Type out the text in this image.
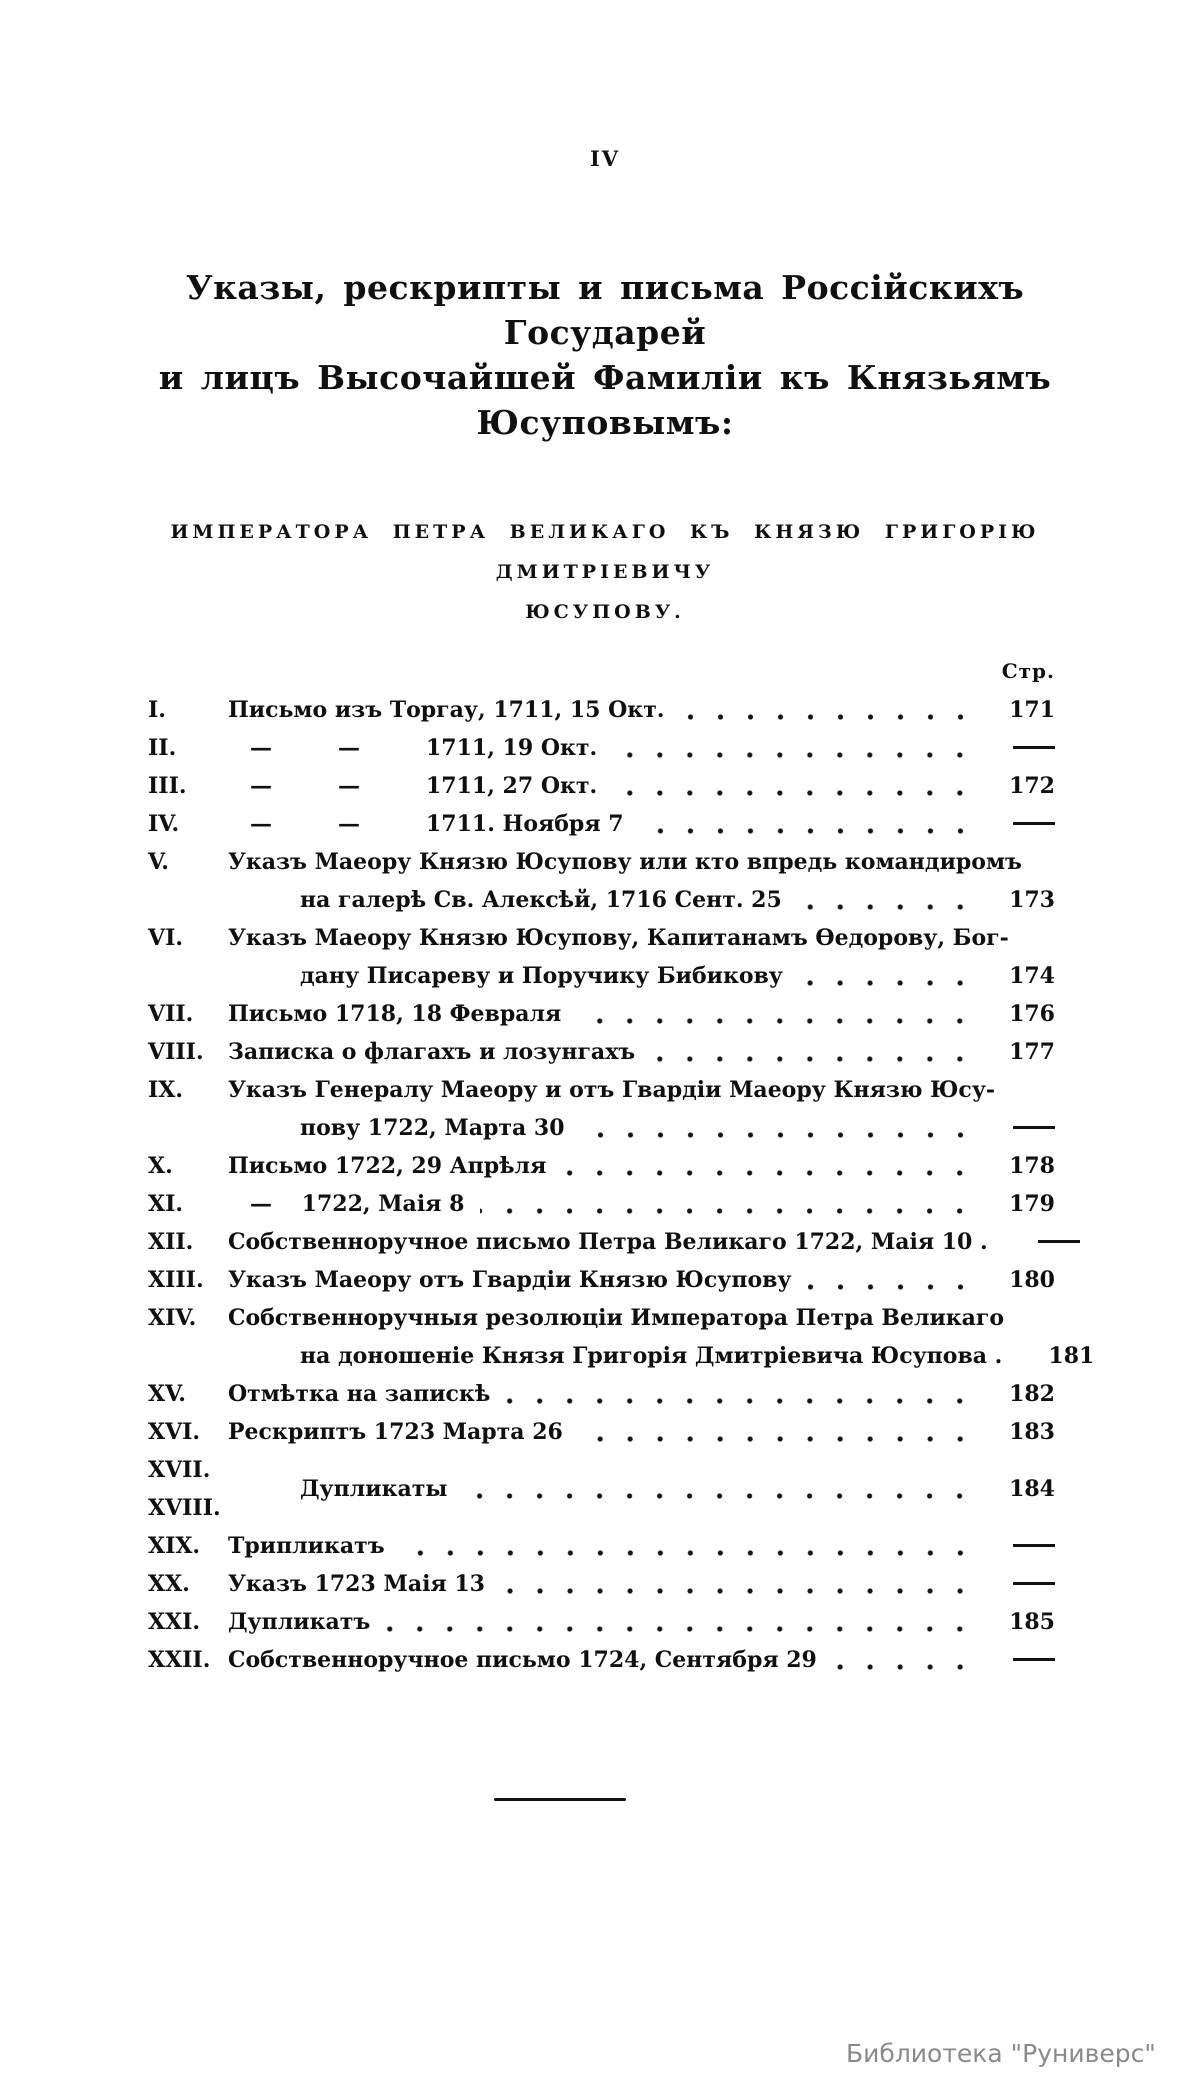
IV
Указы, рескрипты и письма Россійскихъ Государей
и лицъ Высочайшей Фамиліи къ Князьямъ
Юсуповымъ:
ИМПЕРАТОРА ПЕТРА ВЕЛИКАГО КЪ КНЯЗЮ ГРИГОРІЮ ДМИТРІЕВИЧУ
ЮСУПОВУ.
Стр.
I.	Письмо изъ Торгау, 1711, 15 Окт.	171
II.	 —   —   1711, 19 Окт.
III.	 —   —   1711, 27 Окт.	172
IV.	 —   —   1711. Ноября 7
V.	Указъ Маеору Князю Юсупову или кто впредь командиромъ
на галерѣ Св. Алексѣй, 1716 Сент. 25	173
VI.	Указъ Маеору Князю Юсупову, Капитанамъ Ѳедорову, Бог-
дану Писареву и Поручику Бибикову	174
VII.	Письмо 1718, 18 Февраля	176
VIII.	Записка о флагахъ и лозунгахъ	177
IX.	Указъ Генералу Маеору и отъ Гвардіи Маеору Князю Юсу-
пову 1722, Марта 30
X.	Письмо 1722, 29 Апрѣля	178
XI.	 —  1722, Маія 8	179
XII.	Собственноручное письмо Петра Великаго 1722, Маія 10 .
XIII.	Указъ Маеору отъ Гвардіи Князю Юсупову	180
XIV.	Собственноручныя резолюціи Императора Петра Великаго
на доношеніе Князя Григорія Дмитріевича Юсупова .	181
XV.	Отмѣтка на запискѣ	182
XVI.	Рескриптъ 1723 Марта 26	183
XVII.
XVIII.
Дупликаты	184
XIX.	Трипликатъ
XX.	Указъ 1723 Маія 13
XXI.	Дупликатъ	185
XXII. Собственноручное письмо 1724, Сентября 29
Библиотека "Руниверс"
